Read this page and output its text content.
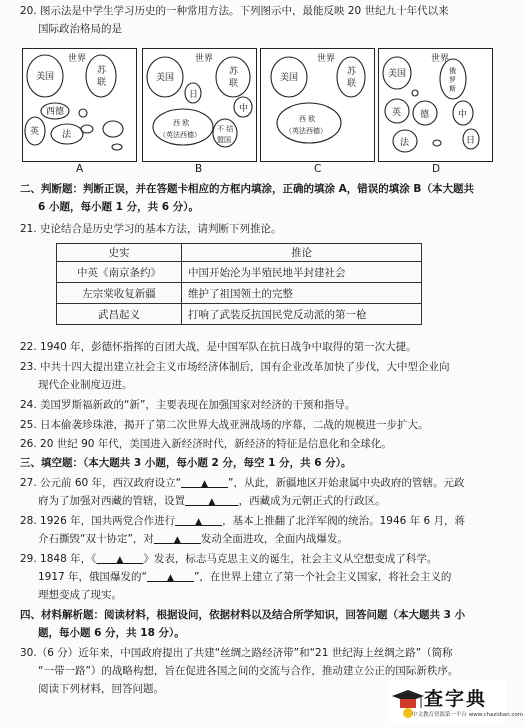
20. 图示法是中学生学习历史的一种常用方法。下列图示中，最能反映 20 世纪九十年代以来
国际政治格局的是
世界
美国
苏
联
西德
英	法
A
世界
美国
日
苏
联
西 欧
（英法西德）
不 结
盟国
中
B
世界
美国
苏
联
西 欧
（英法西德）
C
世界
美国	俄
罗
斯
英 德
法
中
日
D
二、判断题：判断正误，并在答题卡相应的方框内填涂，正确的填涂 A，错误的填涂 B（本大题共
6 小题，每小题 1 分，共 6 分）。
21. 史论结合是历史学习的基本方法，请判断下列推论。
史实	推论
中英《南京条约》	中国开始沦为半殖民地半封建社会
左宗棠收复新疆	维护了祖国领土的完整
武昌起义	打响了武装反抗国民党反动派的第一枪
22. 1940 年，彭德怀指挥的百团大战，是中国军队在抗日战争中取得的第一次大捷。
23. 中共十四大提出建立社会主义市场经济体制后，国有企业改革加快了步伐，大中型企业向
现代企业制度迈进。
24. 美国罗斯福新政的“新”，主要表现在加强国家对经济的干预和指导。
25. 日本偷袭珍珠港，揭开了第二次世界大战亚洲战场的序幕，二战的规模进一步扩大。
26. 20 世纪 90 年代，美国进入新经济时代，新经济的特征是信息化和全球化。
三、填空题：（本大题共 3 小题，每小题 2 分，每空 1 分，共 6 分）。
27. 公元前 60 年，西汉政府设立“ ▲ ”，从此，新疆地区开始隶属中央政府的管辖。元政
府为了加强对西藏的管辖，设置	▲ ，西藏成为元朝正式的行政区。
28. 1926 年，国共两党合作进行 ▲ ，基本上推翻了北洋军阀的统治。1946 年 6 月，蒋
介石撕毁“双十协定”，对 ▲ 发动全面进攻，全面内战爆发。
29. 1848 年，《 ▲ 》发表，标志马克思主义的诞生，社会主义从空想变成了科学。
1917 年，俄国爆发的“ ▲ ”，在世界上建立了第一个社会主义国家，将社会主义的
理想变成了现实。
四、材料解析题：阅读材料，根据设问，依据材料以及结合所学知识，回答问题（本大题共 3 小
题，每小题 6 分，共 18 分）。
30.（6 分）近年来，中国政府提出了共建“丝绸之路经济带”和“21 世纪海上丝绸之路”（简称
“一带一路”）的战略构想，旨在促进各国之间的交流与合作，推动建立公正的国际新秩序。
阅读下列材料，回答问题。	查字典
中文教育资源第一平台 www.chazidian.com
